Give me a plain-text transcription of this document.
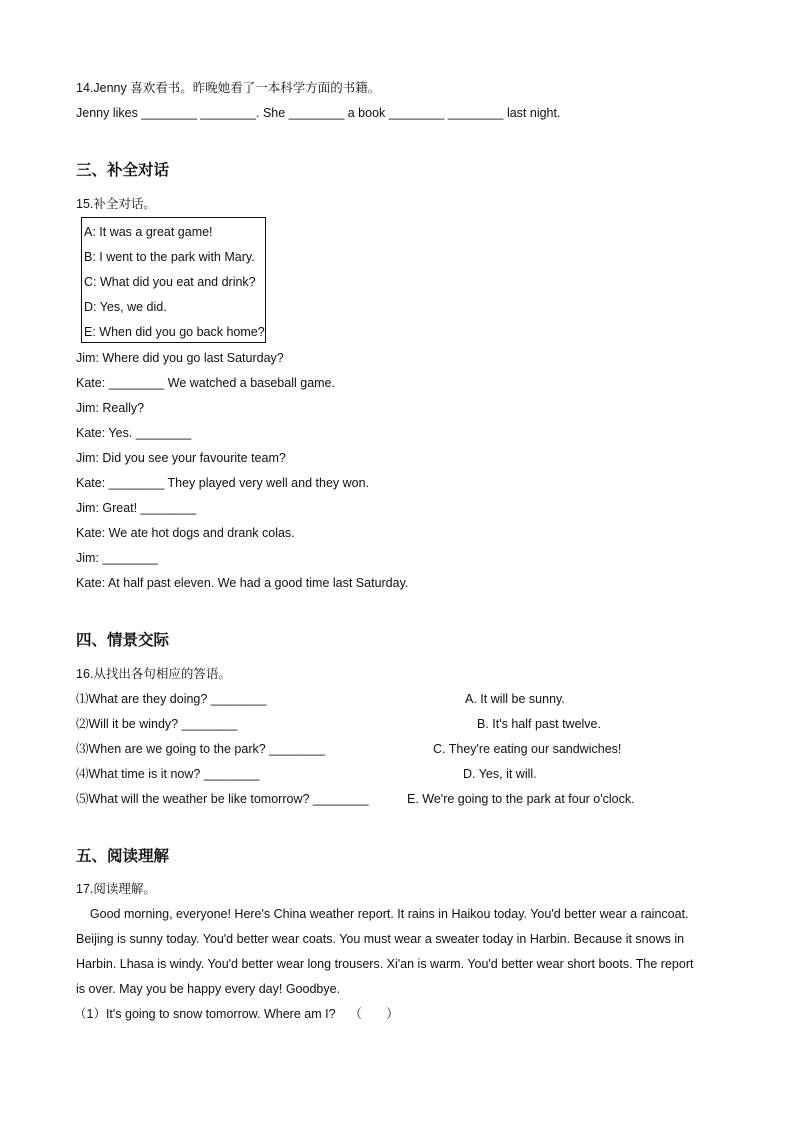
14.Jenny 喜欢看书。昨晚她看了一本科学方面的书籍。
Jenny likes ________ ________. She ________ a book ________ ________ last night.
三、补全对话
15.补全对话。
A: It was a great game!
B: I went to the park with Mary.
C: What did you eat and drink?
D: Yes, we did.
E: When did you go back home?
Jim: Where did you go last Saturday?
Kate: ________ We watched a baseball game.
Jim: Really?
Kate: Yes. ________
Jim: Did you see your favourite team?
Kate: ________ They played very well and they won.
Jim: Great! ________
Kate: We ate hot dogs and drank colas.
Jim: ________
Kate: At half past eleven. We had a good time last Saturday.
四、情景交际
16.从找出各句相应的答语。
⑴What are they doing? ________
⑵Will it be windy? ________
⑶When are we going to the park? ________
⑷What time is it now? ________
⑸What will the weather be like tomorrow? ________
A. It will be sunny.
B. It's half past twelve.
C. They're eating our sandwiches!
D. Yes, it will.
E. We're going to the park at four o'clock.
五、阅读理解
17.阅读理解。
Good morning, everyone! Here's China weather report. It rains in Haikou today. You'd better wear a raincoat.
Beijing is sunny today. You'd better wear coats. You must wear a sweater today in Harbin. Because it snows in
Harbin. Lhasa is windy. You'd better wear long trousers. Xi'an is warm. You'd better wear short boots. The report
is over. May you be happy every day! Goodbye.
（1）It's going to snow tomorrow. Where am I?    （       ）
